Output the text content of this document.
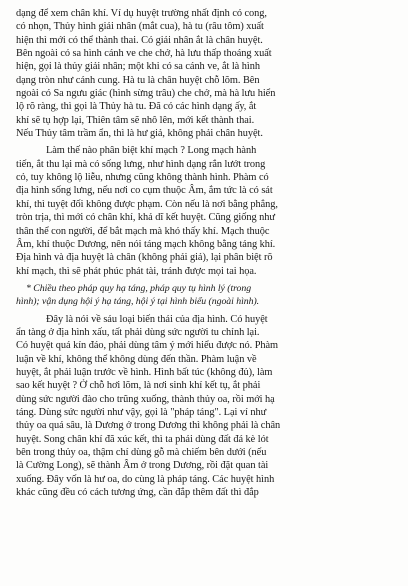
dạng để xem chân khí. Ví dụ huyệt trường nhất định có cong,
có nhọn, Thủy hình giải nhân (mắt cua), hà tu (râu tôm) xuất
hiện thì mới có thể thành thai. Có giải nhân ắt là chân huyệt.
Bên ngoài có sa hình cánh ve che chở, hà lưu thấp thoáng xuất
hiện, gọi là thủy giải nhân; một khi có sa cánh ve, ắt là hình
dạng tròn như cánh cung. Hà tu là chân huyệt chỗ lõm. Bên
ngoài có Sa ngưu giác (hình sừng trâu) che chở, mà hà lưu hiển
lộ rõ ràng, thì gọi là Thủy hà tu. Đã có các hình dạng ấy, ắt
khí sẽ tụ hợp lại, Thiên tâm sẽ nhô lên, mới kết thành thai.
Nếu Thủy tâm trầm ẩn, thì là hư giả, không phải chân huyệt.
Làm thế nào phân biệt khí mạch ? Long mạch hành
tiến, ắt thu lại mà có sống lưng, như hình dạng rắn lướt trong
cỏ, tuy không lộ liễu, nhưng cũng không thành hình. Phàm có
địa hình sống lưng, nếu nơi co cụm thuộc Âm, ắm tức là có sát
khí, thì tuyệt đối không được phạm. Còn nếu là nơi bằng phẳng,
tròn trịa, thì mới có chân khí, khả dĩ kết huyệt. Cũng giống như
thân thể con người, để bắt mạch mà khó thấy khí. Mạch thuộc
Âm, khí thuộc Dương, nên nói táng mạch không bằng táng khí.
Địa hình và địa huyệt là chân (không phải giả), lại phân biệt rõ
khí mạch, thì sẽ phát phúc phát tài, tránh được mọi tai họa.
* Chiều theo pháp quy hạ táng, pháp quy tụ hình lý (trong
hình); vận dụng hội ý hạ táng, hội ý tại hình biểu (ngoài hình).
Đây là nói về sáu loại biến thái của địa hình. Có huyệt
ẩn tàng ở địa hình xấu, tất phải dùng sức người tu chỉnh lại.
Có huyệt quá kín đáo, phải dùng tâm ý mới hiểu được nó. Phàm
luận về khí, không thể không dùng đến thần. Phàm luận về
huyệt, ắt phải luận trước về hình. Hình bất túc (không đủ), làm
sao kết huyệt ? Ở chỗ hơi lõm, là nơi sinh khí kết tụ, ắt phải
dùng sức người đào cho trũng xuống, thành thủy oa, rồi mới hạ
táng. Dùng sức người như vậy, gọi là "pháp táng". Lại ví như
thủy oa quá sâu, là Dương ở trong Dương thì không phải là chân
huyệt. Song chân khí đã xúc kết, thì ta phải dùng đất đá kè lót
bên trong thủy oa, thậm chí dùng gỗ mà chiếm bên dưới (nếu
là Cường Long), sẽ thành Âm ở trong Dương, rồi đặt quan tài
xuống. Đây vốn là hư oa, do cùng là pháp táng. Các huyệt hình
khác cũng đều có cách tương ứng, cần đắp thêm đất thì đắp
